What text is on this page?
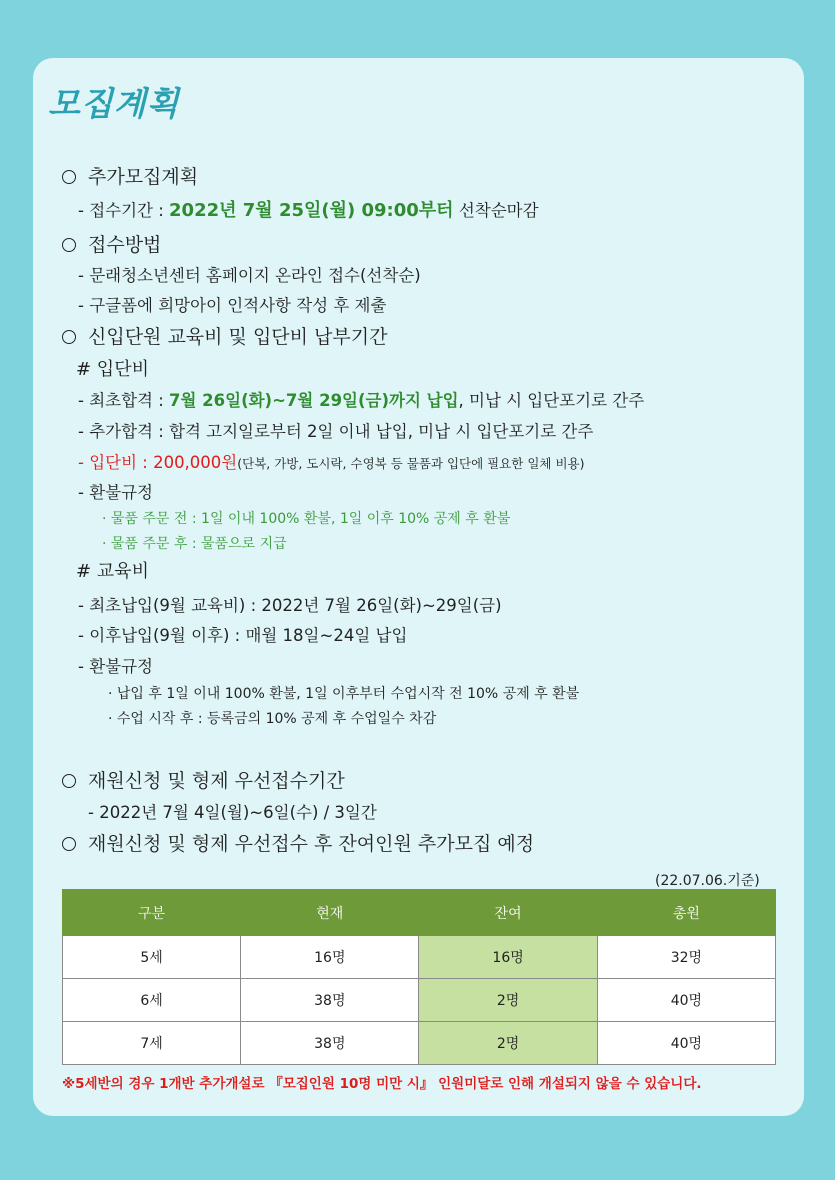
모집계획
추가모집계획
- 접수기간 : 2022년 7월 25일(월) 09:00부터 선착순마감
접수방법
- 문래청소년센터 홈페이지 온라인 접수(선착순)
- 구글폼에 희망아이 인적사항 작성 후 제출
신입단원 교육비 및 입단비 납부기간
# 입단비
- 최초합격 : 7월 26일(화)~7월 29일(금)까지 납입, 미납 시 입단포기로 간주
- 추가합격 : 합격 고지일로부터 2일 이내 납입, 미납 시 입단포기로 간주
- 입단비 : 200,000원(단복, 가방, 도시락, 수영복 등 물품과 입단에 필요한 일체 비용)
- 환불규정
· 물품 주문 전 : 1일 이내 100% 환불, 1일 이후 10% 공제 후 환불
· 물품 주문 후 : 물품으로 지급
# 교육비
- 최초납입(9월 교육비) : 2022년 7월 26일(화)~29일(금)
- 이후납입(9월 이후) : 매월 18일~24일 납입
- 환불규정
· 납입 후 1일 이내 100% 환불, 1일 이후부터 수업시작 전 10% 공제 후 환불
· 수업 시작 후 : 등록금의 10% 공제 후 수업일수 차감
재원신청 및 형제 우선접수기간
- 2022년 7월 4일(월)~6일(수) / 3일간
재원신청 및 형제 우선접수 후 잔여인원 추가모집 예정
(22.07.06.기준)
구분	현재	잔여	총원
5세	16명	16명	32명
6세	38명	2명	40명
7세	38명	2명	40명
※5세반의 경우 1개반 추가개설로 『모집인원 10명 미만 시』 인원미달로 인해 개설되지 않을 수 있습니다.
